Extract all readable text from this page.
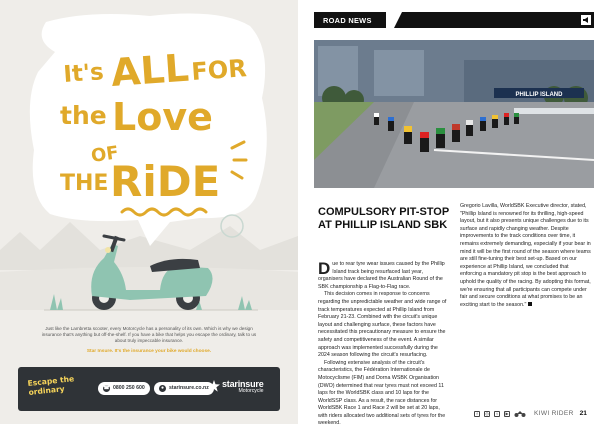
It's ALL FOR
the Love
OF
THE RiDE
Just like the Lambretta scooter, every Motorcycle has a personality of its own. Which is why we design insurance that's anything but off-the-shelf. If you have a bike that helps you escape the ordinary, talk to us about truly impeccable insurance.
Star Insure. It's the insurance your bike would choose.
Escape the ordinary	☎ 0800 250 600	● starinsure.co.nz starinsure
Motorcycle
ROAD NEWS
PHILLIP ISLAND
COMPULSORY PIT-STOP
AT PHILLIP ISLAND SBK

Due to rear tyre wear issues caused by the Phillip Island track being resurfaced last year, organisers have declared the Australian Round of the SBK championship a Flag-to-Flag race.

This decision comes in response to concerns regarding the unpredictable weather and wide range of track temperatures expected at Phillip Island from February 21-23. Combined with the circuit's unique layout and challenging surface, these factors have necessitated this precautionary measure to ensure the safety and competitiveness of the event. A similar approach was implemented successfully during the 2024 season following the circuit's resurfacing.

Following extensive analysis of the circuit's characteristics, the Fédération Internationale de Motocyclisme (FIM) and Dorna WSBK Organisation (DWO) determined that rear tyres must not exceed 11 laps for the WorldSBK class and 10 laps for the WorldSSP class. As a result, the race distances for WorldSBK Race 1 and Race 2 will be set at 20 laps, with riders allocated two additional sets of tyres for the weekend.

Gregorio Lavilla, WorldSBK Executive director, stated, "Phillip Island is renowned for its thrilling, high-speed layout, but it also presents unique challenges due to its surface and rapidly changing weather. Despite improvements to the track conditions over time, it remains extremely demanding, especially if your bear in mind it will be the first round of the season where teams are still fine-tuning their best set-up. Based on our experience at Phillip Island, we concluded that enforcing a mandatory pit stop is the best approach to uphold the quality of the racing. By adopting this format, we're ensuring that all participants can compete under fair and secure conditions at what promises to be an exciting start to the season."

f	◎	t	▶	KIWI RIDER 21
